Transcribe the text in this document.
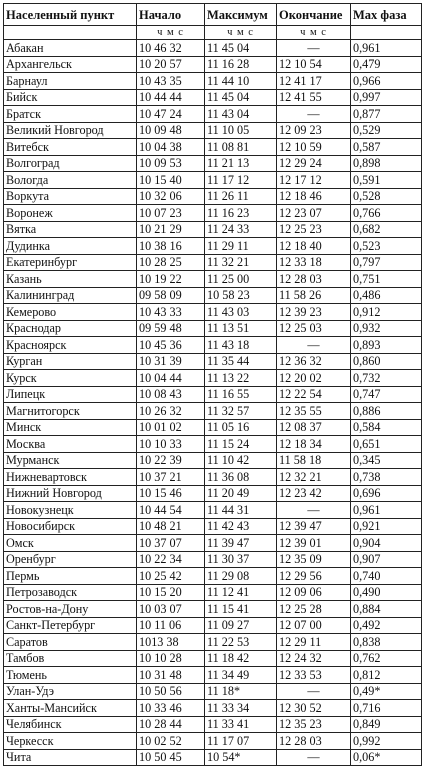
Населенный пункт	Начало	Максимум	Окончание	Max фаза
	ч м с	ч м с	ч м с	
Абакан	10 46 32	11 45 04	—	0,961
Архангельск	10 20 57	11 16 28	12 10 54	0,479
Барнаул	10 43 35	11 44 10	12 41 17	0,966
Бийск	10 44 44	11 45 04	12 41 55	0,997
Братск	10 47 24	11 43 04	—	0,877
Великий Новгород	10 09 48	11 10 05	12 09 23	0,529
Витебск	10 04 38	11 08 81	12 10 59	0,587
Волгоград	10 09 53	11 21 13	12 29 24	0,898
Вологда	10 15 40	11 17 12	12 17 12	0,591
Воркута	10 32 06	11 26 11	12 18 46	0,528
Воронеж	10 07 23	11 16 23	12 23 07	0,766
Вятка	10 21 29	11 24 33	12 25 23	0,682
Дудинка	10 38 16	11 29 11	12 18 40	0,523
Екатеринбург	10 28 25	11 32 21	12 33 18	0,797
Казань	10 19 22	11 25 00	12 28 03	0,751
Калининград	09 58 09	10 58 23	11 58 26	0,486
Кемерово	10 43 33	11 43 03	12 39 23	0,912
Краснодар	09 59 48	11 13 51	12 25 03	0,932
Красноярск	10 45 36	11 43 18	—	0,893
Курган	10 31 39	11 35 44	12 36 32	0,860
Курск	10 04 44	11 13 22	12 20 02	0,732
Липецк	10 08 43	11 16 55	12 22 54	0,747
Магнитогорск	10 26 32	11 32 57	12 35 55	0,886
Минск	10 01 02	11 05 16	12 08 37	0,584
Москва	10 10 33	11 15 24	12 18 34	0,651
Мурманск	10 22 39	11 10 42	11 58 18	0,345
Нижневартовск	10 37 21	11 36 08	12 32 21	0,738
Нижний Новгород	10 15 46	11 20 49	12 23 42	0,696
Новокузнецк	10 44 54	11 44 31	—	0,961
Новосибирск	10 48 21	11 42 43	12 39 47	0,921
Омск	10 37 07	11 39 47	12 39 01	0,904
Оренбург	10 22 34	11 30 37	12 35 09	0,907
Пермь	10 25 42	11 29 08	12 29 56	0,740
Петрозаводск	10 15 20	11 12 41	12 09 06	0,490
Ростов-на-Дону	10 03 07	11 15 41	12 25 28	0,884
Санкт-Петербург	10 11 06	11 09 27	12 07 00	0,492
Саратов	1013 38	11 22 53	12 29 11	0,838
Тамбов	10 10 28	11 18 42	12 24 32	0,762
Тюмень	10 31 48	11 34 49	12 33 53	0,812
Улан-Удэ	10 50 56	11 18*	—	0,49*
Ханты-Мансийск	10 33 46	11 33 34	12 30 52	0,716
Челябинск	10 28 44	11 33 41	12 35 23	0,849
Черкесск	10 02 52	11 17 07	12 28 03	0,992
Чита	10 50 45	10 54*	—	0,06*
